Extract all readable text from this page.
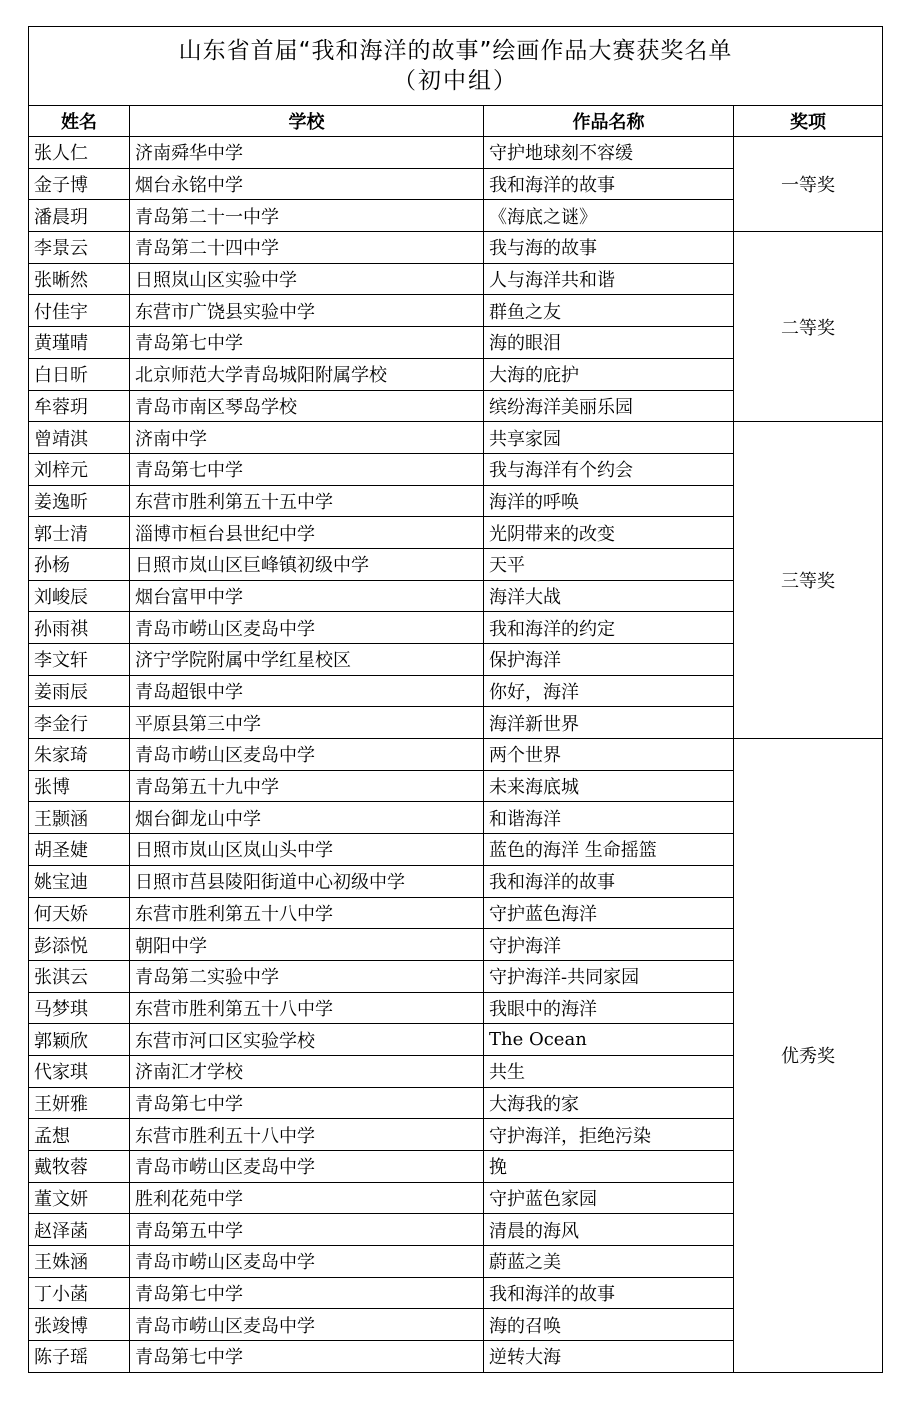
山东省首届“我和海洋的故事”绘画作品大赛获奖名单
（初中组）			

姓名	学校	作品名称	奖项
张人仁	济南舜华中学	守护地球刻不容缓	一等奖
金子博	烟台永铭中学	我和海洋的故事	
潘晨玥	青岛第二十一中学	《海底之谜》	
李景云	青岛第二十四中学	我与海的故事	二等奖
张晰然	日照岚山区实验中学	人与海洋共和谐	
付佳宇	东营市广饶县实验中学	群鱼之友	
黄瑾晴	青岛第七中学	海的眼泪	
白日昕	北京师范大学青岛城阳附属学校	大海的庇护	
牟蓉玥	青岛市南区琴岛学校	缤纷海洋美丽乐园	
曾靖淇	济南中学	共享家园	三等奖
刘梓元	青岛第七中学	我与海洋有个约会	
姜逸昕	东营市胜利第五十五中学	海洋的呼唤	
郭士清	淄博市桓台县世纪中学	光阴带来的改变	
孙杨	日照市岚山区巨峰镇初级中学	天平	
刘峻辰	烟台富甲中学	海洋大战	
孙雨祺	青岛市崂山区麦岛中学	我和海洋的约定	
李文轩	济宁学院附属中学红星校区	保护海洋	
姜雨辰	青岛超银中学	你好，海洋	
李金行	平原县第三中学	海洋新世界	
朱家琦	青岛市崂山区麦岛中学	两个世界	优秀奖
张博	青岛第五十九中学	未来海底城	
王颢涵	烟台御龙山中学	和谐海洋	
胡圣婕	日照市岚山区岚山头中学	蓝色的海洋 生命摇篮	
姚宝迪	日照市莒县陵阳街道中心初级中学	我和海洋的故事	
何天娇	东营市胜利第五十八中学	守护蓝色海洋	
彭添悦	朝阳中学	守护海洋	
张淇云	青岛第二实验中学	守护海洋-共同家园	
马梦琪	东营市胜利第五十八中学	我眼中的海洋	
郭颖欣	东营市河口区实验学校	The Ocean	
代家琪	济南汇才学校	共生	
王妍雅	青岛第七中学	大海我的家	
孟想	东营市胜利五十八中学	守护海洋，拒绝污染	
戴牧蓉	青岛市崂山区麦岛中学	挽	
董文妍	胜利花苑中学	守护蓝色家园	
赵泽菡	青岛第五中学	清晨的海风	
王姝涵	青岛市崂山区麦岛中学	蔚蓝之美	
丁小菡	青岛第七中学	我和海洋的故事	
张竣博	青岛市崂山区麦岛中学	海的召唤	
陈子瑶	青岛第七中学	逆转大海	
